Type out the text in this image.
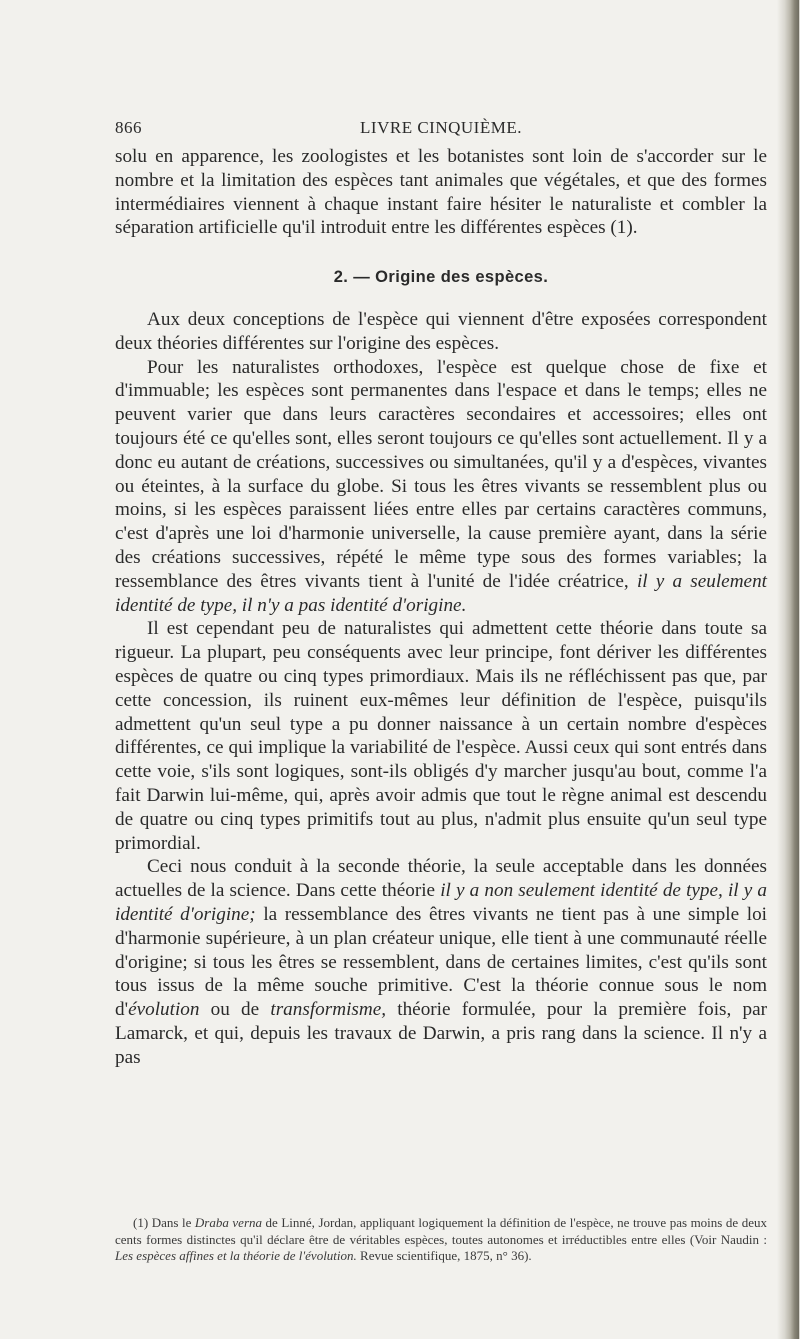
866	LIVRE CINQUIÈME.

solu en apparence, les zoologistes et les botanistes sont loin de s'accorder sur le nombre et la limitation des espèces tant animales que végétales, et que des formes intermédiaires viennent à chaque instant faire hésiter le naturaliste et combler la séparation artificielle qu'il introduit entre les différentes espèces (1).

2. — Origine des espèces.

Aux deux conceptions de l'espèce qui viennent d'être exposées correspondent deux théories différentes sur l'origine des espèces.

Pour les naturalistes orthodoxes, l'espèce est quelque chose de fixe et d'immuable; les espèces sont permanentes dans l'espace et dans le temps; elles ne peuvent varier que dans leurs caractères secondaires et accessoires; elles ont toujours été ce qu'elles sont, elles seront toujours ce qu'elles sont actuellement. Il y a donc eu autant de créations, successives ou simultanées, qu'il y a d'espèces, vivantes ou éteintes, à la surface du globe. Si tous les êtres vivants se ressemblent plus ou moins, si les espèces paraissent liées entre elles par certains caractères communs, c'est d'après une loi d'harmonie universelle, la cause première ayant, dans la série des créations successives, répété le même type sous des formes variables; la ressemblance des êtres vivants tient à l'unité de l'idée créatrice, il y a seulement identité de type, il n'y a pas identité d'origine.

Il est cependant peu de naturalistes qui admettent cette théorie dans toute sa rigueur. La plupart, peu conséquents avec leur principe, font dériver les différentes espèces de quatre ou cinq types primordiaux. Mais ils ne réfléchissent pas que, par cette concession, ils ruinent eux-mêmes leur définition de l'espèce, puisqu'ils admettent qu'un seul type a pu donner naissance à un certain nombre d'espèces différentes, ce qui implique la variabilité de l'espèce. Aussi ceux qui sont entrés dans cette voie, s'ils sont logiques, sont-ils obligés d'y marcher jusqu'au bout, comme l'a fait Darwin lui-même, qui, après avoir admis que tout le règne animal est descendu de quatre ou cinq types primitifs tout au plus, n'admit plus ensuite qu'un seul type primordial.

Ceci nous conduit à la seconde théorie, la seule acceptable dans les données actuelles de la science. Dans cette théorie il y a non seulement identité de type, il y a identité d'origine; la ressemblance des êtres vivants ne tient pas à une simple loi d'harmonie supérieure, à un plan créateur unique, elle tient à une communauté réelle d'origine; si tous les êtres se ressemblent, dans de certaines limites, c'est qu'ils sont tous issus de la même souche primitive. C'est la théorie connue sous le nom d'évolution ou de transformisme, théorie formulée, pour la première fois, par Lamarck, et qui, depuis les travaux de Darwin, a pris rang dans la science. Il n'y a pas

(1) Dans le Draba verna de Linné, Jordan, appliquant logiquement la définition de l'espèce, ne trouve pas moins de deux cents formes distinctes qu'il déclare être de véritables espèces, toutes autonomes et irréductibles entre elles (Voir Naudin : Les espèces affines et la théorie de l'évolution. Revue scientifique, 1875, n° 36).
